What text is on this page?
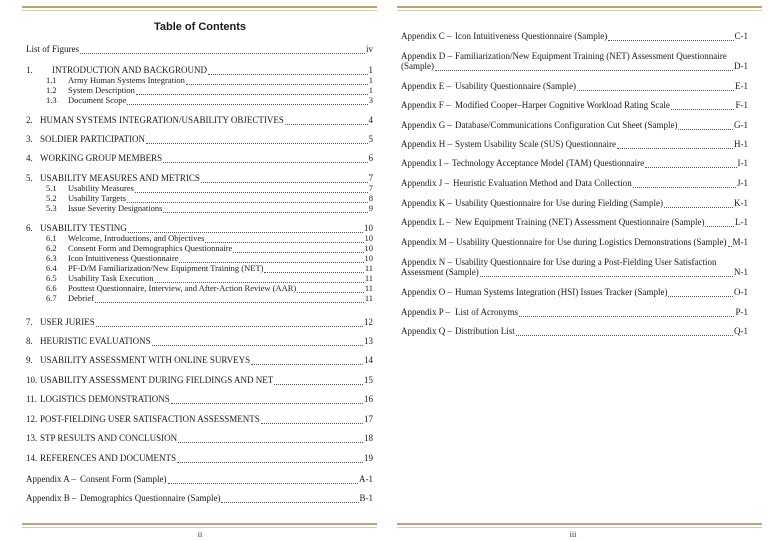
Table of Contents
List of Figures	iv
1.	INTRODUCTION AND BACKGROUND	1
1.1	Army Human Systems Integration	1
1.2	System Description	1
1.3	Document Scope	3
2. HUMAN SYSTEMS INTEGRATION/USABILITY OBJECTIVES	4
3. SOLDIER PARTICIPATION	5
4. WORKING GROUP MEMBERS	6
5. USABILITY MEASURES AND METRICS	7
5.1	Usability Measures	7
5.2	Usability Targets	8
5.3	Issue Severity Designations	9
6. USABILITY TESTING	10
6.1	Welcome, Introductions, and Objectives	10
6.2	Consent Form and Demographics Questionnaire	10
6.3	Icon Intuitiveness Questionnaire	10
6.4	PF-D/M Familiarization/New Equipment Training (NET)	11
6.5	Usability Task Execution	11
6.6	Posttest Questionnaire, Interview, and After-Action Review (AAR)	11
6.7	Debrief	11
7. USER JURIES	12
8. HEURISTIC EVALUATIONS	13
9. USABILITY ASSESSMENT WITH ONLINE SURVEYS	14
10. USABILITY ASSESSMENT DURING FIELDINGS AND NET	15
11. LOGISTICS DEMONSTRATIONS	16
12. POST-FIELDING USER SATISFACTION ASSESSMENTS	17
13. STP RESULTS AND CONCLUSION	18
14. REFERENCES AND DOCUMENTS	19
Appendix A – Consent Form (Sample)	A-1
Appendix B – Demographics Questionnaire (Sample)	B-1
ii
Appendix C – Icon Intuitiveness Questionnaire (Sample)	C-1
Appendix D – Familiarization/New Equipment Training (NET) Assessment Questionnaire
(Sample)	D-1
Appendix E – Usability Questionnaire (Sample)	E-1
Appendix F – Modified Cooper–Harper Cognitive Workload Rating Scale	F-1
Appendix G – Database/Communications Configuration Cut Sheet (Sample)	G-1
Appendix H – System Usability Scale (SUS) Questionnaire	H-1
Appendix I – Technology Acceptance Model (TAM) Questionnaire	I-1
Appendix J – Heuristic Evaluation Method and Data Collection	J-1
Appendix K – Usability Questionnaire for Use during Fielding (Sample)	K-1
Appendix L – New Equipment Training (NET) Assessment Questionnaire (Sample)	L-1
Appendix M – Usability Questionnaire for Use during Logistics Demonstrations (Sample) M-1
Appendix N – Usability Questionnaire for Use during a Post-Fielding User Satisfaction
Assessment (Sample)	N-1
Appendix O – Human Systems Integration (HSI) Issues Tracker (Sample)	O-1
Appendix P – List of Acronyms	P-1
Appendix Q – Distribution List	Q-1
iii
